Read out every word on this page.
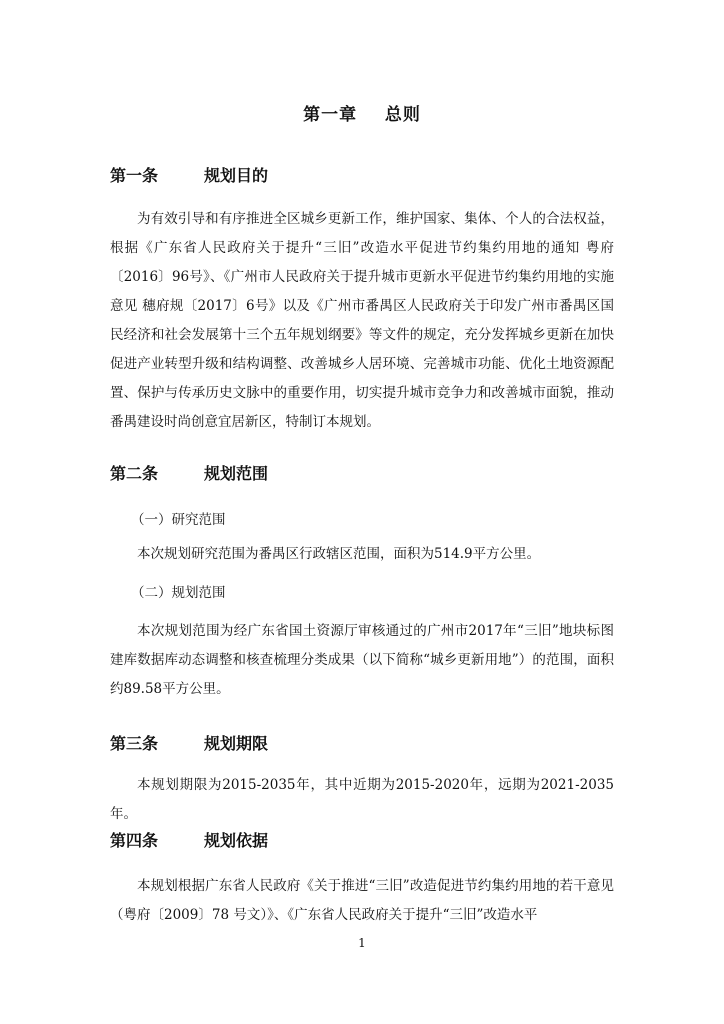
第一章    总则
第一条	规划目的

为有效引导和有序推进全区城乡更新工作，维护国家、集体、个人的合法权益，根据《广东省人民政府关于提升“三旧”改造水平促进节约集约用地的通知 粤府〔2016〕96号》、《广州市人民政府关于提升城市更新水平促进节约集约用地的实施意见 穗府规〔2017〕6号》以及《广州市番禺区人民政府关于印发广州市番禺区国民经济和社会发展第十三个五年规划纲要》等文件的规定，充分发挥城乡更新在加快促进产业转型升级和结构调整、改善城乡人居环境、完善城市功能、优化土地资源配置、保护与传承历史文脉中的重要作用，切实提升城市竞争力和改善城市面貌，推动番禺建设时尚创意宜居新区，特制订本规划。

第二条	规划范围
（一）研究范围

本次规划研究范围为番禺区行政辖区范围，面积为514.9平方公里。

（二）规划范围

本次规划范围为经广东省国土资源厅审核通过的广州市2017年“三旧”地块标图建库数据库动态调整和核查梳理分类成果（以下简称“城乡更新用地”）的范围，面积约89.58平方公里。

第三条	规划期限

本规划期限为2015-2035年，其中近期为2015-2020年，远期为2021-2035年。

第四条	规划依据

本规划根据广东省人民政府《关于推进“三旧”改造促进节约集约用地的若干意见（粤府〔2009〕78 号文）》、《广东省人民政府关于提升“三旧”改造水平

1
